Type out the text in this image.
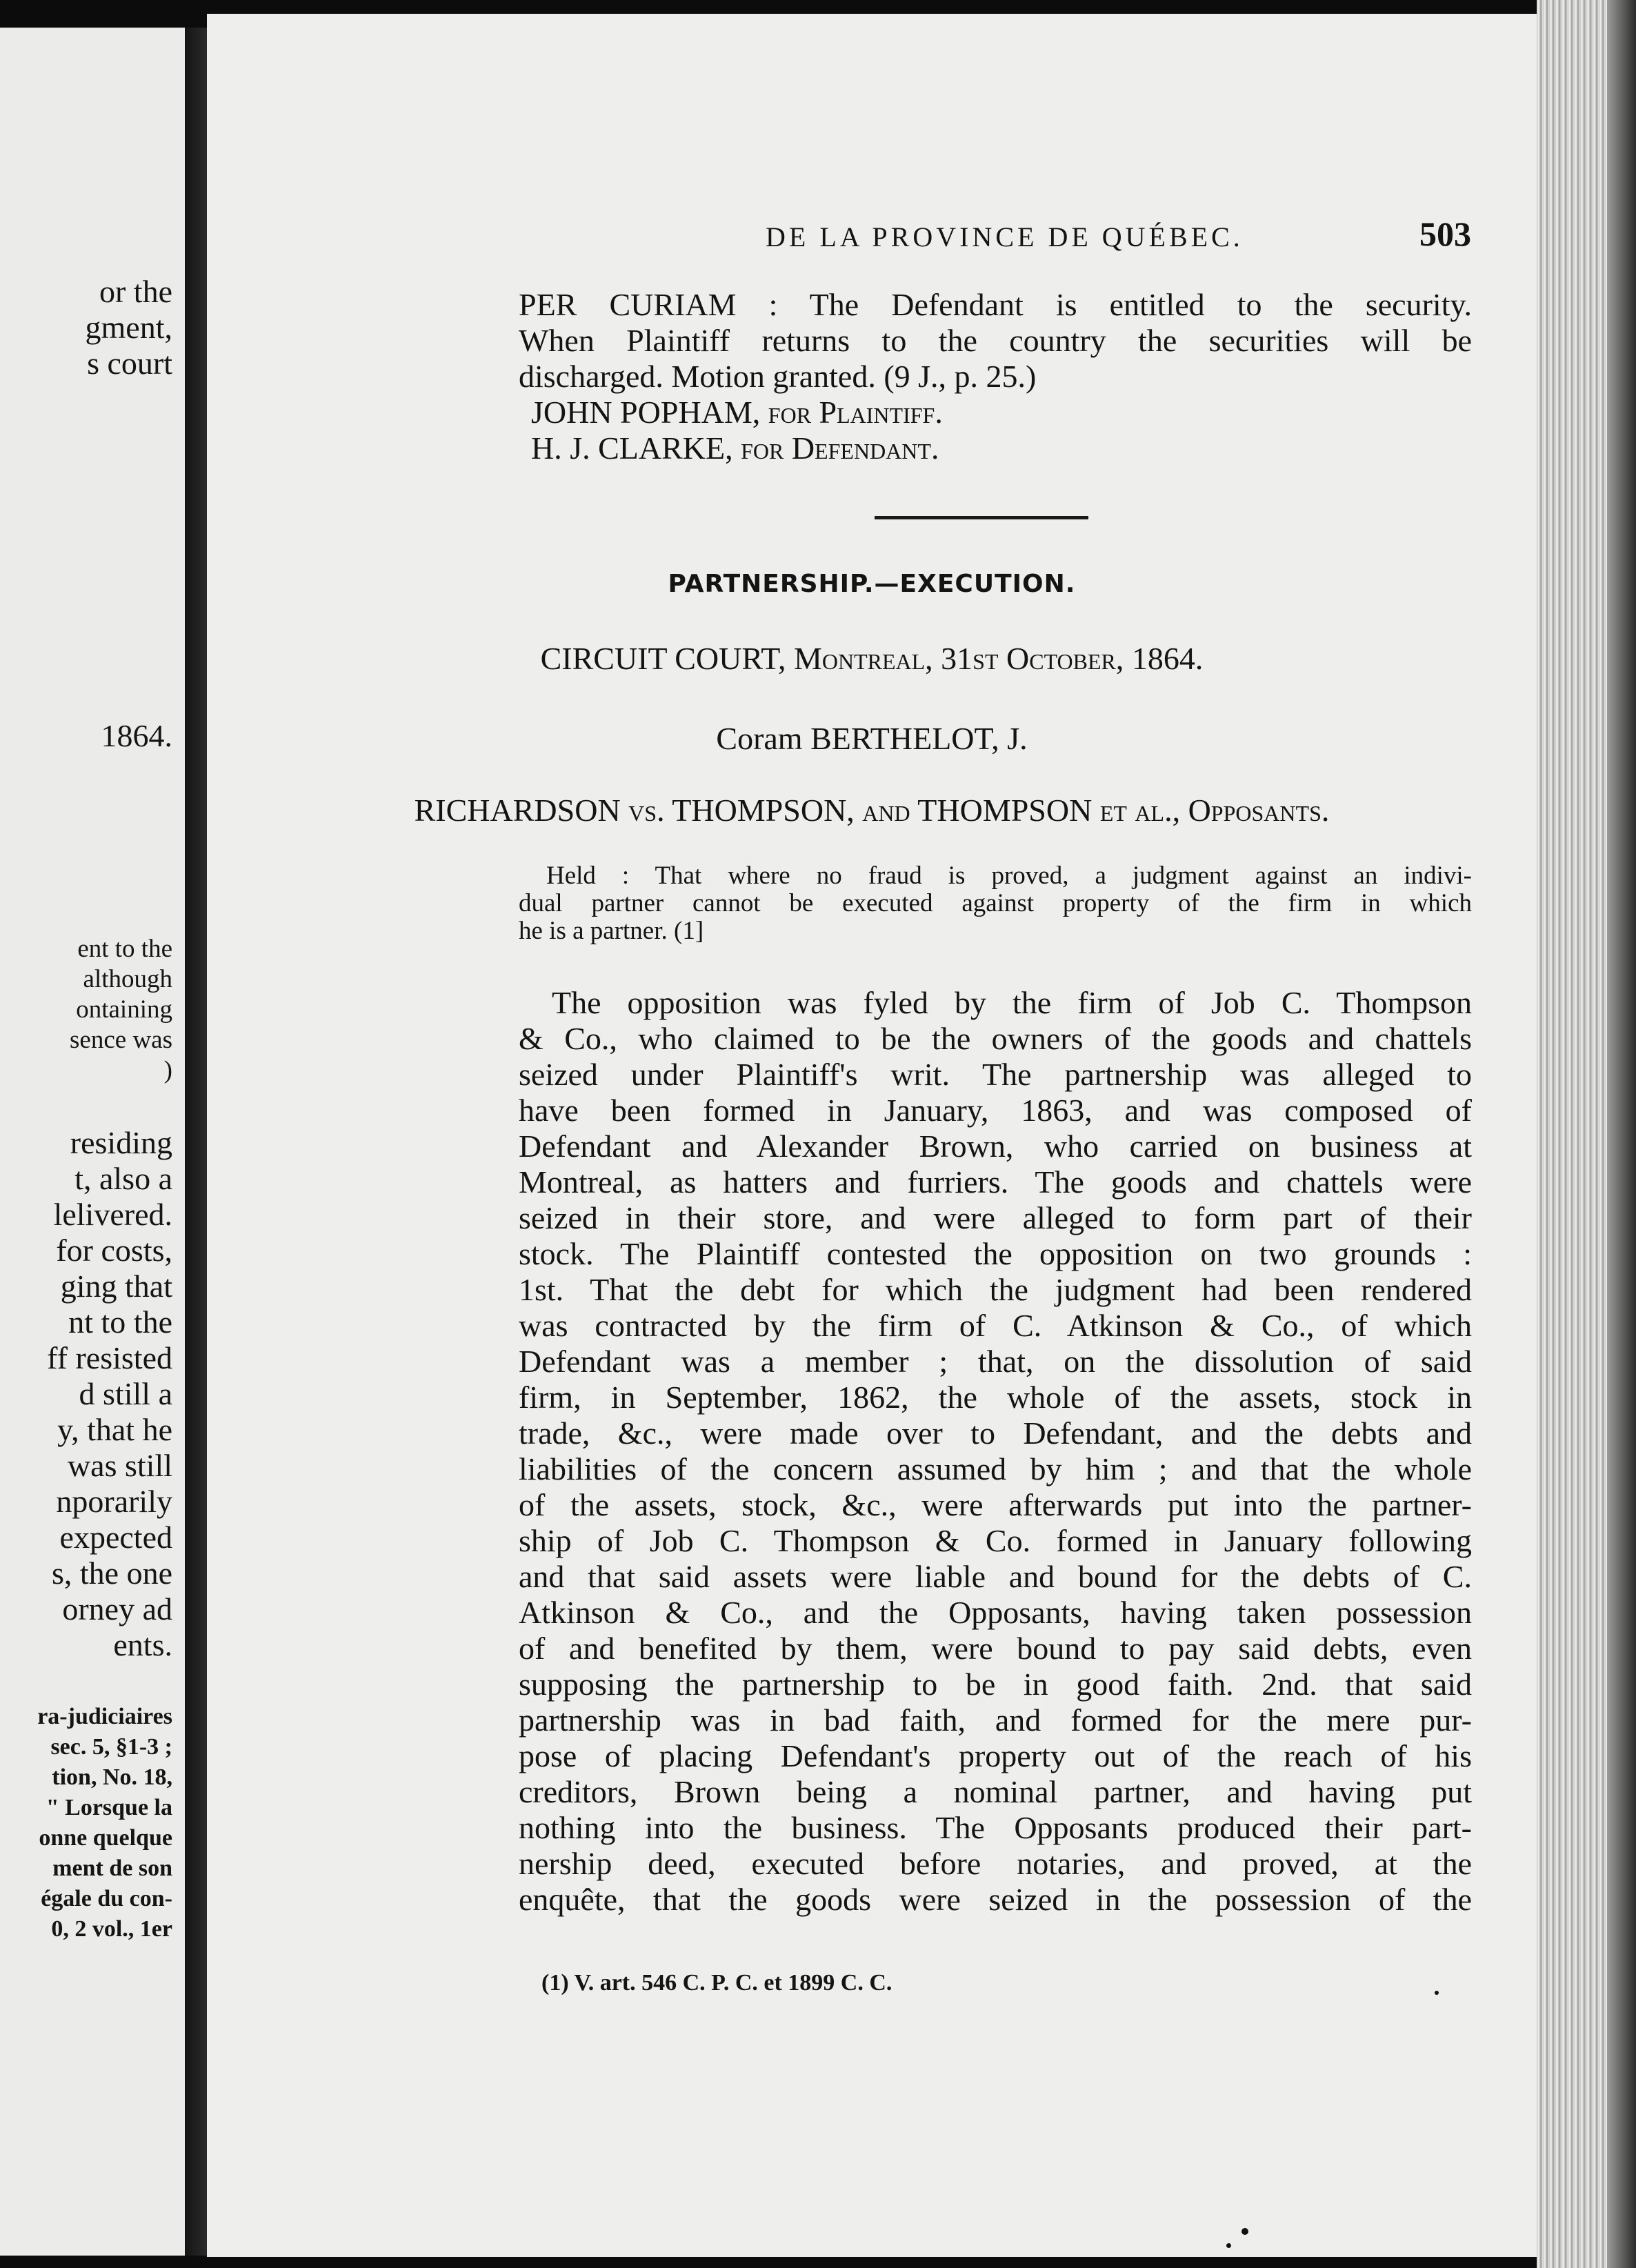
or the
gment,
s court
1864.
ent to the
although
ontaining
sence was
)
residing
t, also a
lelivered.
for costs,
ging that
nt to the
ff resisted
d still a
y, that he
was still
nporarily
expected
s, the one
orney ad
ents.
ra-judiciaires
sec. 5, §1-3 ;
tion, No. 18,
" Lorsque la
onne quelque
ment de son
égale du con-
0, 2 vol., 1er
DE LA PROVINCE DE QUÉBEC.	503
PER CURIAM : The Defendant is entitled to the security.
When Plaintiff returns to the country the securities will be
discharged. Motion granted. (9 J., p. 25.)
JOHN POPHAM, for Plaintiff.
H. J. CLARKE, for Defendant.
PARTNERSHIP.—EXECUTION.
CIRCUIT COURT, Montreal, 31st October, 1864.
Coram BERTHELOT, J.
RICHARDSON vs. THOMPSON, and THOMPSON et al., Opposants.
Held : That where no fraud is proved, a judgment against an indivi-
dual partner cannot be executed against property of the firm in which
he is a partner. (1]
The opposition was fyled by the firm of Job C. Thompson
& Co., who claimed to be the owners of the goods and chattels
seized under Plaintiff's writ. The partnership was alleged to
have been formed in January, 1863, and was composed of
Defendant and Alexander Brown, who carried on business at
Montreal, as hatters and furriers. The goods and chattels were
seized in their store, and were alleged to form part of their
stock. The Plaintiff contested the opposition on two grounds :
1st. That the debt for which the judgment had been rendered
was contracted by the firm of C. Atkinson & Co., of which
Defendant was a member ; that, on the dissolution of said
firm, in September, 1862, the whole of the assets, stock in
trade, &c., were made over to Defendant, and the debts and
liabilities of the concern assumed by him ; and that the whole
of the assets, stock, &c., were afterwards put into the partner-
ship of Job C. Thompson & Co. formed in January following
and that said assets were liable and bound for the debts of C.
Atkinson & Co., and the Opposants, having taken possession
of and benefited by them, were bound to pay said debts, even
supposing the partnership to be in good faith. 2nd. that said
partnership was in bad faith, and formed for the mere pur-
pose of placing Defendant's property out of the reach of his
creditors, Brown being a nominal partner, and having put
nothing into the business. The Opposants produced their part-
nership deed, executed before notaries, and proved, at the
enquête, that the goods were seized in the possession of the
(1) V. art. 546 C. P. C. et 1899 C. C.
